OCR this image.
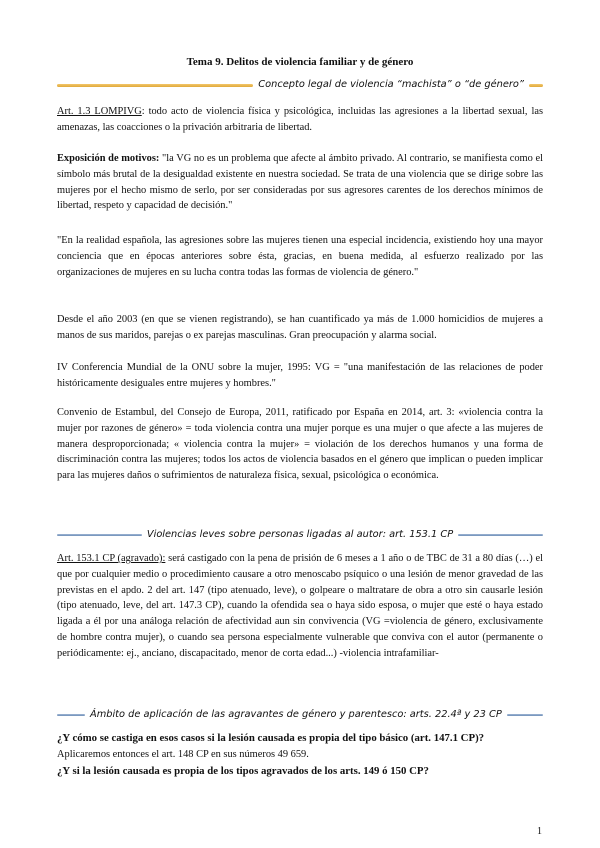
Tema 9. Delitos de violencia familiar y de género
Concepto legal de violencia “machista” o “de género”

Art. 1.3 LOMPIVG: todo acto de violencia física y psicológica, incluidas las agresiones a la libertad sexual, las amenazas, las coacciones o la privación arbitraria de libertad.

Exposición de motivos: "la VG no es un problema que afecte al ámbito privado. Al contrario, se manifiesta como el símbolo más brutal de la desigualdad existente en nuestra sociedad. Se trata de una violencia que se dirige sobre las mujeres por el hecho mismo de serlo, por ser consideradas por sus agresores carentes de los derechos mínimos de libertad, respeto y capacidad de decisión."

"En la realidad española, las agresiones sobre las mujeres tienen una especial incidencia, existiendo hoy una mayor conciencia que en épocas anteriores sobre ésta, gracias, en buena medida, al esfuerzo realizado por las organizaciones de mujeres en su lucha contra todas las formas de violencia de género."

Desde el año 2003 (en que se vienen registrando), se han cuantificado ya más de 1.000 homicidios de mujeres a manos de sus maridos, parejas o ex parejas masculinas. Gran preocupación y alarma social.

IV Conferencia Mundial de la ONU sobre la mujer, 1995: VG = "una manifestación de las relaciones de poder históricamente desiguales entre mujeres y hombres."

Convenio de Estambul, del Consejo de Europa, 2011, ratificado por España en 2014, art. 3: «violencia contra la mujer por razones de género» = toda violencia contra una mujer porque es una mujer o que afecte a las mujeres de manera desproporcionada; « violencia contra la mujer» = violación de los derechos humanos y una forma de discriminación contra las mujeres; todos los actos de violencia basados en el género que implican o pueden implicar para las mujeres daños o sufrimientos de naturaleza física, sexual, psicológica o económica.

Violencias leves sobre personas ligadas al autor: art. 153.1 CP

Art. 153.1 CP (agravado): será castigado con la pena de prisión de 6 meses a 1 año o de TBC de 31 a 80 días (…) el que por cualquier medio o procedimiento causare a otro menoscabo psíquico o una lesión de menor gravedad de las previstas en el apdo. 2 del art. 147 (tipo atenuado, leve), o golpeare o maltratare de obra a otro sin causarle lesión (tipo atenuado, leve, del art. 147.3 CP), cuando la ofendida sea o haya sido esposa, o mujer que esté o haya estado ligada a él por una análoga relación de afectividad aun sin convivencia (VG =violencia de género, exclusivamente de hombre contra mujer), o cuando sea persona especialmente vulnerable que conviva con el autor (permanente o periódicamente: ej., anciano, discapacitado, menor de corta edad...) -violencia intrafamiliar-

Ámbito de aplicación de las agravantes de género y parentesco: arts. 22.4ª y 23 CP

¿Y cómo se castiga en esos casos si la lesión causada es propia del tipo básico (art. 147.1 CP)?

Aplicaremos entonces el art. 148 CP en sus números 49 659.

¿Y si la lesión causada es propia de los tipos agravados de los arts. 149 ó 150 CP?

1
